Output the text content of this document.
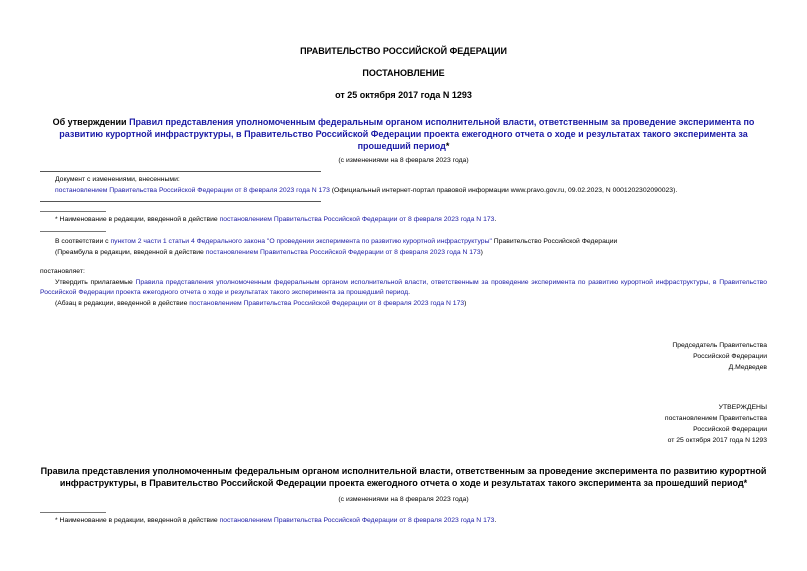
ПРАВИТЕЛЬСТВО РОССИЙСКОЙ ФЕДЕРАЦИИ
ПОСТАНОВЛЕНИЕ
от 25 октября 2017 года N 1293
Об утверждении Правил представления уполномоченным федеральным органом исполнительной власти, ответственным за проведение эксперимента по развитию курортной инфраструктуры, в Правительство Российской Федерации проекта ежегодного отчета о ходе и результатах такого эксперимента за прошедший период*
(с изменениями на 8 февраля 2023 года)
Документ с изменениями, внесенными:
постановлением Правительства Российской Федерации от 8 февраля 2023 года N 173 (Официальный интернет-портал правовой информации www.pravo.gov.ru, 09.02.2023, N 0001202302090023).
* Наименование в редакции, введенной в действие постановлением Правительства Российской Федерации от 8 февраля 2023 года N 173.
В соответствии с пунктом 2 части 1 статьи 4 Федерального закона "О проведении эксперимента по развитию курортной инфраструктуры" Правительство Российской Федерации
(Преамбула в редакции, введенной в действие постановлением Правительства Российской Федерации от 8 февраля 2023 года N 173)
постановляет:
Утвердить прилагаемые Правила представления уполномоченным федеральным органом исполнительной власти, ответственным за проведение эксперимента по развитию курортной инфраструктуры, в Правительство Российской Федерации проекта ежегодного отчета о ходе и результатах такого эксперимента за прошедший период.
(Абзац в редакции, введенной в действие постановлением Правительства Российской Федерации от 8 февраля 2023 года N 173)
Председатель Правительства
Российской Федерации
Д.Медведев
УТВЕРЖДЕНЫ
постановлением Правительства
Российской Федерации
от 25 октября 2017 года N 1293
Правила представления уполномоченным федеральным органом исполнительной власти, ответственным за проведение эксперимента по развитию курортной инфраструктуры, в Правительство Российской Федерации проекта ежегодного отчета о ходе и результатах такого эксперимента за прошедший период*
(с изменениями на 8 февраля 2023 года)
* Наименование в редакции, введенной в действие постановлением Правительства Российской Федерации от 8 февраля 2023 года N 173.
